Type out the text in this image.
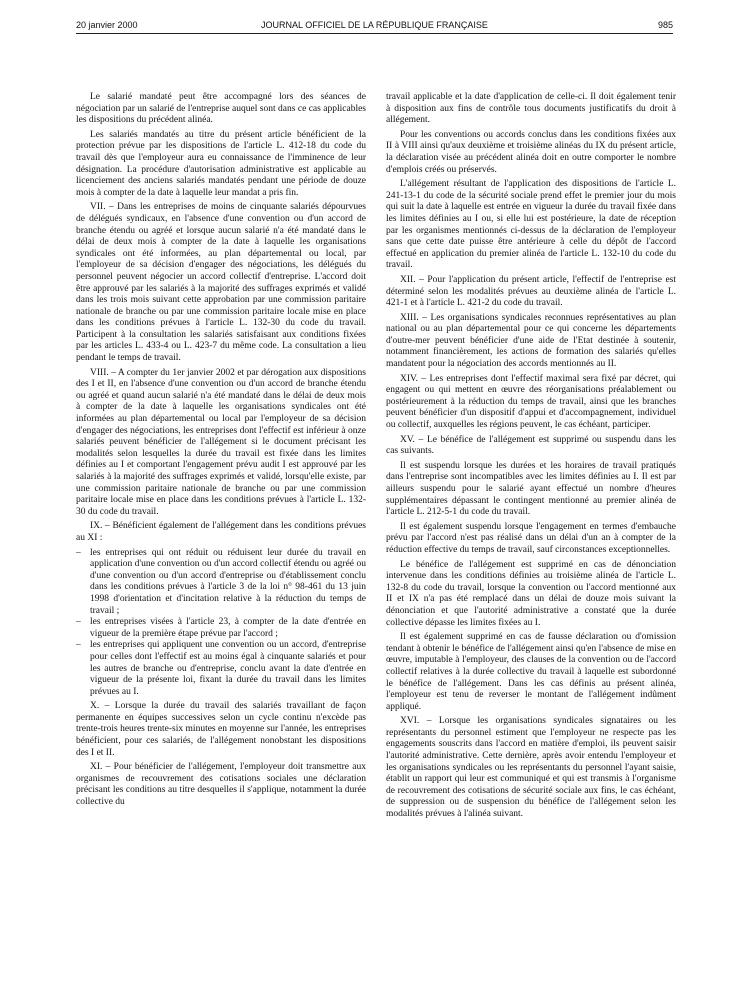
20 janvier 2000	JOURNAL OFFICIEL DE LA RÉPUBLIQUE FRANÇAISE	985

Le salarié mandaté peut être accompagné lors des séances de négociation par un salarié de l'entreprise auquel sont dans ce cas applicables les dispositions du précédent alinéa.

Les salariés mandatés au titre du présent article bénéficient de la protection prévue par les dispositions de l'article L. 412-18 du code du travail dès que l'employeur aura eu connaissance de l'imminence de leur désignation. La procédure d'autorisation administrative est applicable au licenciement des anciens salariés mandatés pendant une période de douze mois à compter de la date à laquelle leur mandat a pris fin.

VII. – Dans les entreprises de moins de cinquante salariés dépourvues de délégués syndicaux, en l'absence d'une convention ou d'un accord de branche étendu ou agréé et lorsque aucun salarié n'a été mandaté dans le délai de deux mois à compter de la date à laquelle les organisations syndicales ont été informées, au plan départemental ou local, par l'employeur de sa décision d'engager des négociations, les délégués du personnel peuvent négocier un accord collectif d'entreprise. L'accord doit être approuvé par les salariés à la majorité des suffrages exprimés et validé dans les trois mois suivant cette approbation par une commission paritaire nationale de branche ou par une commission paritaire locale mise en place dans les conditions prévues à l'article L. 132-30 du code du travail. Participent à la consultation les salariés satisfaisant aux conditions fixées par les articles L. 433-4 ou L. 423-7 du même code. La consultation a lieu pendant le temps de travail.

VIII. – A compter du 1er janvier 2002 et par dérogation aux dispositions des I et II, en l'absence d'une convention ou d'un accord de branche étendu ou agréé et quand aucun salarié n'a été mandaté dans le délai de deux mois à compter de la date à laquelle les organisations syndicales ont été informées au plan départemental ou local par l'employeur de sa décision d'engager des négociations, les entreprises dont l'effectif est inférieur à onze salariés peuvent bénéficier de l'allégement si le document précisant les modalités selon lesquelles la durée du travail est fixée dans les limites définies au I et comportant l'engagement prévu audit I est approuvé par les salariés à la majorité des suffrages exprimés et validé, lorsqu'elle existe, par une commission paritaire nationale de branche ou par une commission paritaire locale mise en place dans les conditions prévues à l'article L. 132-30 du code du travail.

IX. – Bénéficient également de l'allégement dans les conditions prévues au XI :

– les entreprises qui ont réduit ou réduisent leur durée du travail en application d'une convention ou d'un accord collectif étendu ou agréé ou d'une convention ou d'un accord d'entreprise ou d'établissement conclu dans les conditions prévues à l'article 3 de la loi n° 98-461 du 13 juin 1998 d'orientation et d'incitation relative à la réduction du temps de travail ;
– les entreprises visées à l'article 23, à compter de la date d'entrée en vigueur de la première étape prévue par l'accord ;
– les entreprises qui appliquent une convention ou un accord, d'entreprise pour celles dont l'effectif est au moins égal à cinquante salariés et pour les autres de branche ou d'entreprise, conclu avant la date d'entrée en vigueur de la présente loi, fixant la durée du travail dans les limites prévues au I.

X. – Lorsque la durée du travail des salariés travaillant de façon permanente en équipes successives selon un cycle continu n'excède pas trente-trois heures trente-six minutes en moyenne sur l'année, les entreprises bénéficient, pour ces salariés, de l'allégement nonobstant les dispositions des I et II.

XI. – Pour bénéficier de l'allégement, l'employeur doit transmettre aux organismes de recouvrement des cotisations sociales une déclaration précisant les conditions au titre desquelles il s'applique, notamment la durée collective du

travail applicable et la date d'application de celle-ci. Il doit également tenir à disposition aux fins de contrôle tous documents justificatifs du droit à allégement.

Pour les conventions ou accords conclus dans les conditions fixées aux II à VIII ainsi qu'aux deuxième et troisième alinéas du IX du présent article, la déclaration visée au précédent alinéa doit en outre comporter le nombre d'emplois créés ou préservés.

L'allégement résultant de l'application des dispositions de l'article L. 241-13-1 du code de la sécurité sociale prend effet le premier jour du mois qui suit la date à laquelle est entrée en vigueur la durée du travail fixée dans les limites définies au I ou, si elle lui est postérieure, la date de réception par les organismes mentionnés ci-dessus de la déclaration de l'employeur sans que cette date puisse être antérieure à celle du dépôt de l'accord effectué en application du premier alinéa de l'article L. 132-10 du code du travail.

XII. – Pour l'application du présent article, l'effectif de l'entreprise est déterminé selon les modalités prévues au deuxième alinéa de l'article L. 421-1 et à l'article L. 421-2 du code du travail.

XIII. – Les organisations syndicales reconnues représentatives au plan national ou au plan départemental pour ce qui concerne les départements d'outre-mer peuvent bénéficier d'une aide de l'Etat destinée à soutenir, notamment financièrement, les actions de formation des salariés qu'elles mandatent pour la négociation des accords mentionnés au II.

XIV. – Les entreprises dont l'effectif maximal sera fixé par décret, qui engagent ou qui mettent en œuvre des réorganisations préalablement ou postérieurement à la réduction du temps de travail, ainsi que les branches peuvent bénéficier d'un dispositif d'appui et d'accompagnement, individuel ou collectif, auxquelles les régions peuvent, le cas échéant, participer.

XV. – Le bénéfice de l'allégement est supprimé ou suspendu dans les cas suivants.

Il est suspendu lorsque les durées et les horaires de travail pratiqués dans l'entreprise sont incompatibles avec les limites définies au I. Il est par ailleurs suspendu pour le salarié ayant effectué un nombre d'heures supplémentaires dépassant le contingent mentionné au premier alinéa de l'article L. 212-5-1 du code du travail.

Il est également suspendu lorsque l'engagement en termes d'embauche prévu par l'accord n'est pas réalisé dans un délai d'un an à compter de la réduction effective du temps de travail, sauf circonstances exceptionnelles.

Le bénéfice de l'allégement est supprimé en cas de dénonciation intervenue dans les conditions définies au troisième alinéa de l'article L. 132-8 du code du travail, lorsque la convention ou l'accord mentionné aux II et IX n'a pas été remplacé dans un délai de douze mois suivant la dénonciation et que l'autorité administrative a constaté que la durée collective dépasse les limites fixées au I.

Il est également supprimé en cas de fausse déclaration ou d'omission tendant à obtenir le bénéfice de l'allégement ainsi qu'en l'absence de mise en œuvre, imputable à l'employeur, des clauses de la convention ou de l'accord collectif relatives à la durée collective du travail à laquelle est subordonné le bénéfice de l'allégement. Dans les cas définis au présent alinéa, l'employeur est tenu de reverser le montant de l'allégement indûment appliqué.

XVI. – Lorsque les organisations syndicales signataires ou les représentants du personnel estiment que l'employeur ne respecte pas les engagements souscrits dans l'accord en matière d'emploi, ils peuvent saisir l'autorité administrative. Cette dernière, après avoir entendu l'employeur et les organisations syndicales ou les représentants du personnel l'ayant saisie, établit un rapport qui leur est communiqué et qui est transmis à l'organisme de recouvrement des cotisations de sécurité sociale aux fins, le cas échéant, de suppression ou de suspension du bénéfice de l'allégement selon les modalités prévues à l'alinéa suivant.
